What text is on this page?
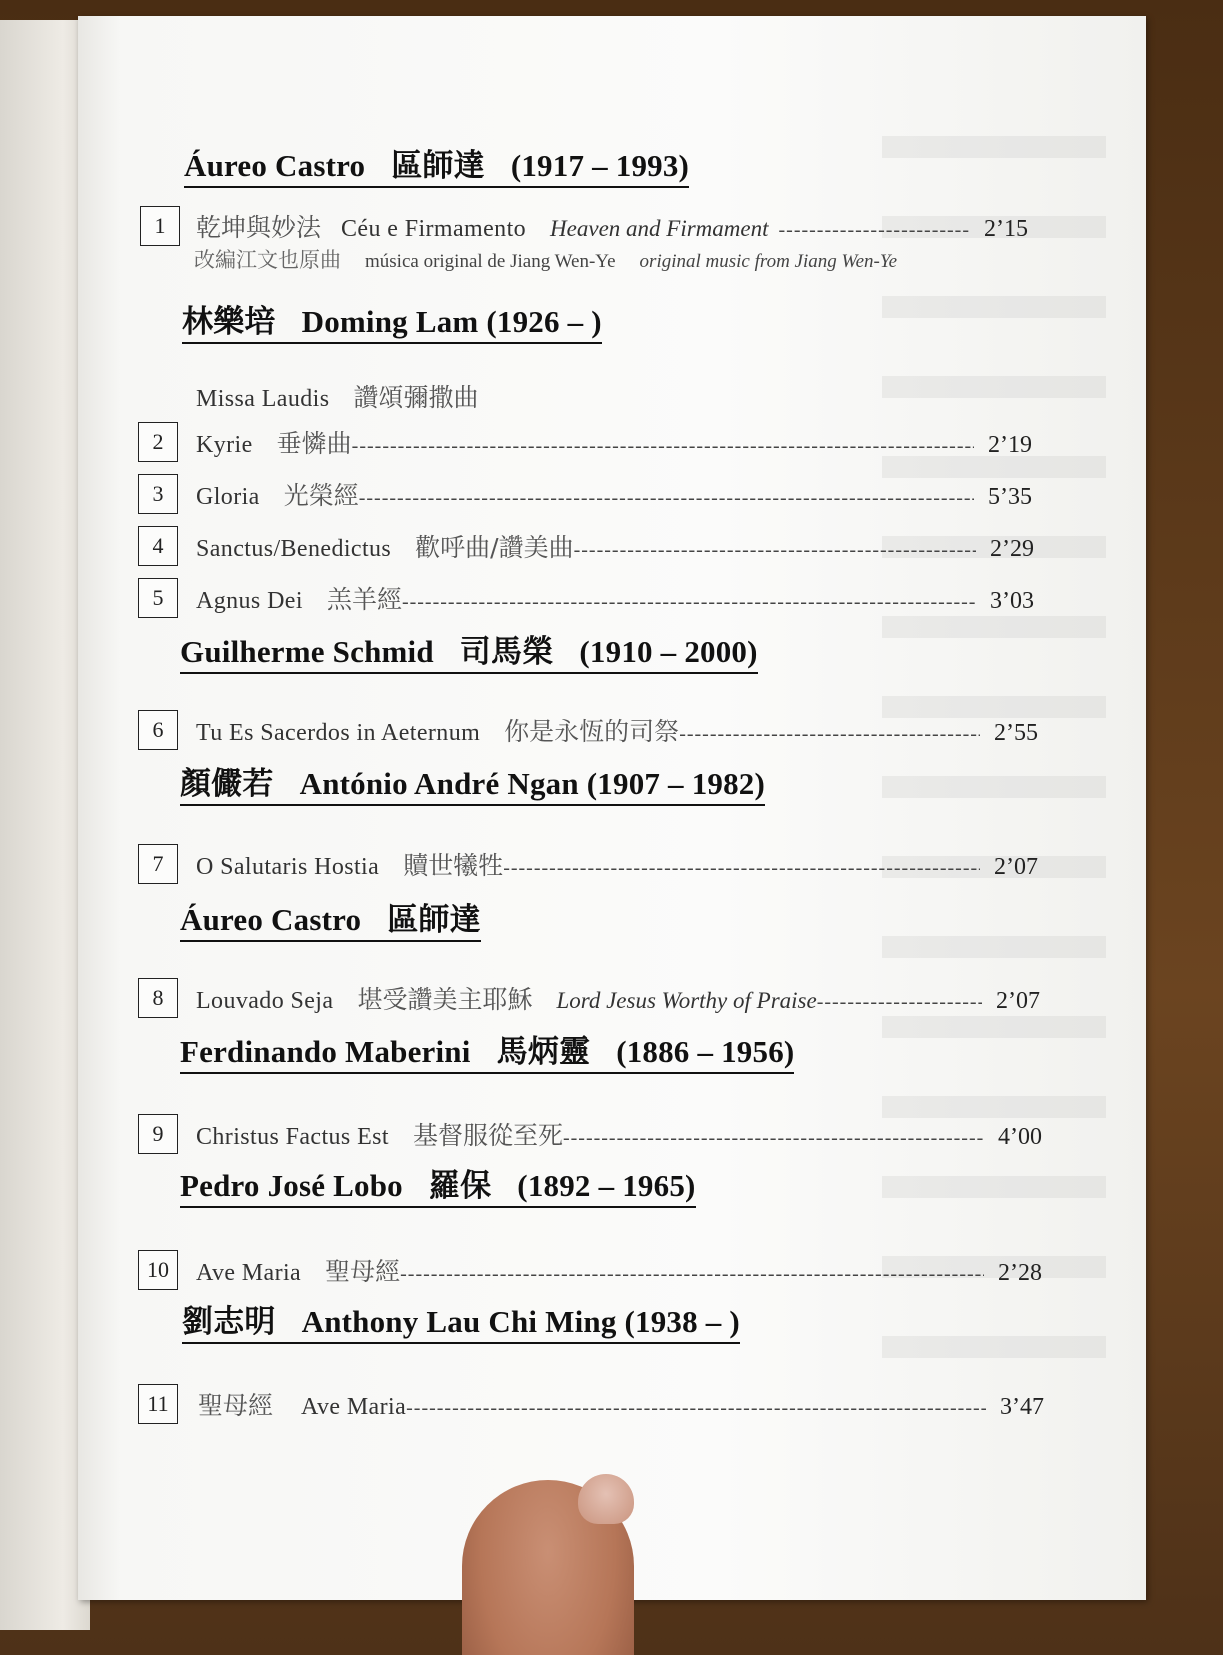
Áureo Castro 區師達 (1917 – 1993)
1	乾坤與妙法 Céu e Firmamento Heaven and Firmament -----	2’15
改編江文也原曲 música original de Jiang Wen-Ye original music from Jiang Wen-Ye
林樂培 Doming Lam (1926 – )
Missa Laudis 讚頌彌撒曲
2	Kyrie 垂憐曲 -----	2’19
3	Gloria 光榮經 -----	5’35
4	Sanctus/Benedictus 歡呼曲/讚美曲 -----	2’29
5	Agnus Dei 羔羊經 -----	3’03
Guilherme Schmid 司馬榮 (1910 – 2000)
6	Tu Es Sacerdos in Aeternum 你是永恆的司祭 -----	2’55
顏儼若 António André Ngan (1907 – 1982)
7	O Salutaris Hostia 贖世犧牲 -----	2’07
Áureo Castro 區師達
8	Louvado Seja 堪受讚美主耶穌 Lord Jesus Worthy of Praise -----	2’07
Ferdinando Maberini 馬炳靈 (1886 – 1956)
9	Christus Factus Est 基督服從至死 -----	4’00
Pedro José Lobo 羅保 (1892 – 1965)
10	Ave Maria 聖母經 -----	2’28
劉志明 Anthony Lau Chi Ming (1938 – )
11	聖母經 Ave Maria -----	3’47
